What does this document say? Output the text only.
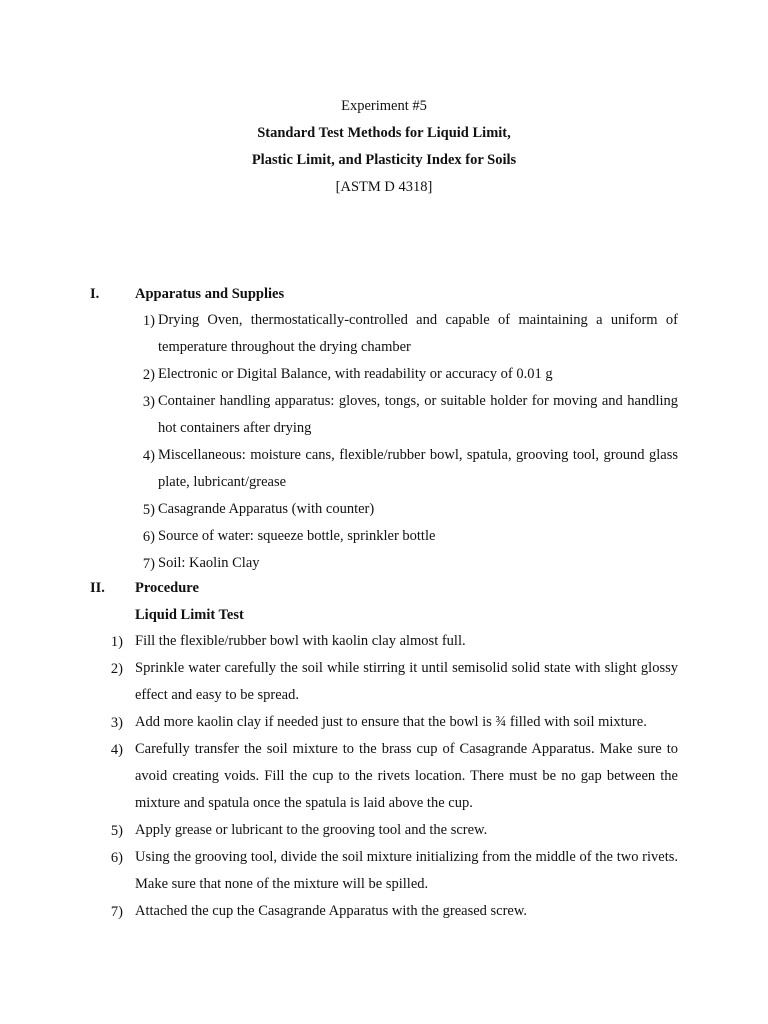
Experiment #5
Standard Test Methods for Liquid Limit,
Plastic Limit, and Plasticity Index for Soils
[ASTM D 4318]
I. Apparatus and Supplies
1) Drying Oven, thermostatically-controlled and capable of maintaining a uniform of temperature throughout the drying chamber
2) Electronic or Digital Balance, with readability or accuracy of 0.01 g
3) Container handling apparatus: gloves, tongs, or suitable holder for moving and handling hot containers after drying
4) Miscellaneous: moisture cans, flexible/rubber bowl, spatula, grooving tool, ground glass plate, lubricant/grease
5) Casagrande Apparatus (with counter)
6) Source of water: squeeze bottle, sprinkler bottle
7) Soil: Kaolin Clay
II. Procedure
Liquid Limit Test
1) Fill the flexible/rubber bowl with kaolin clay almost full.
2) Sprinkle water carefully the soil while stirring it until semisolid solid state with slight glossy effect and easy to be spread.
3) Add more kaolin clay if needed just to ensure that the bowl is ¾ filled with soil mixture.
4) Carefully transfer the soil mixture to the brass cup of Casagrande Apparatus. Make sure to avoid creating voids. Fill the cup to the rivets location. There must be no gap between the mixture and spatula once the spatula is laid above the cup.
5) Apply grease or lubricant to the grooving tool and the screw.
6) Using the grooving tool, divide the soil mixture initializing from the middle of the two rivets. Make sure that none of the mixture will be spilled.
7) Attached the cup the Casagrande Apparatus with the greased screw.
